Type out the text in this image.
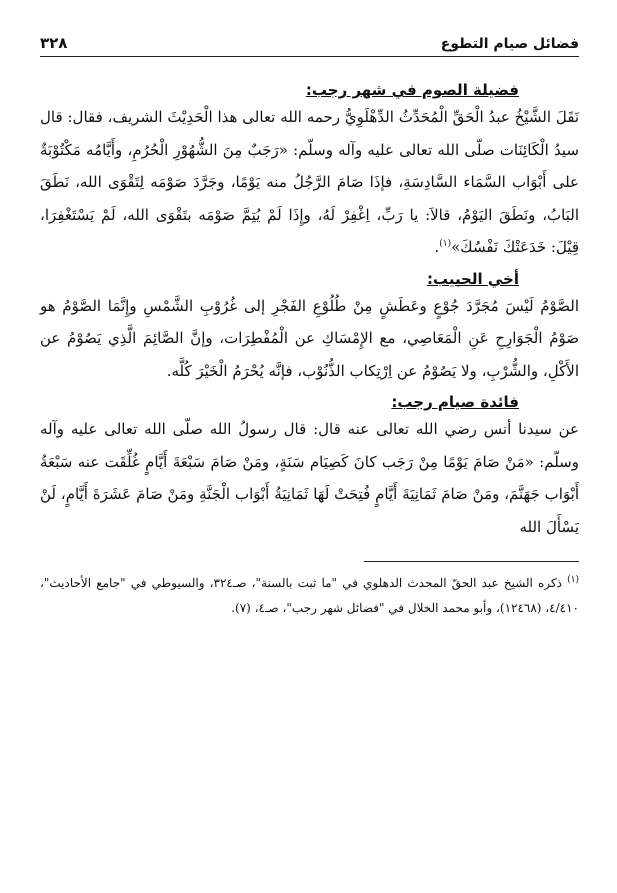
فضائل صيام التطوع
٣٢٨
فضيلة الصوم في شهر رجب:

نَقَلَ الشَّيْخُ عبدُ الْحَقِّ الْمُحَدِّثُ الدِّهْلَوِيُّ رحمه الله تعالى هذا الْحَدِيْثَ الشريف، فقال: قال سيدُ الْكَائِنَات صلّى الله تعالى عليه وآله وسلّم: «رَجَبٌ مِنَ الشُّهُوْرِ الْحُرُمِ، وأَيَّامُه مَكْتُوْبَةٌ على أَبْوَاب السَّمَاء السَّادِسَةِ، فإذَا صَامَ الرَّجُلُ منه يَوْمًا، وجَرَّدَ صَوْمَه لِتَقْوَى الله، نَطَقَ البَابُ، ونَطَقَ اليَوْمُ، قالاَ: يا رَبِّ، اِغْفِرْ لَهُ، وإِذَا لَمْ يُتِمَّ صَوْمَه بتَقْوَى الله، لَمْ يَسْتَغْفِرَا، قِيْلَ: خَدَعَتْكَ نَفْسُكَ»$^{(١)}$.

أخي الحبيب:

الصَّوْمُ لَيْسَ مُجَرَّدَ جُوْعٍ وعَطَشٍ مِنْ طُلُوْعِ الفَجْرِ إلى غُرُوْبِ الشَّمْسِ وإِنَّمَا الصَّوْمُ هو صَوْمُ الْجَوَارِحِ عَنِ الْمَعَاصِي، مع الإِمْسَاكِ عن الْمُفْطِرَات، وإنَّ الصَّائِمَ الَّذِي يَصُوْمُ عن الأَكْلِ، والشُّرْبِ، ولا يَصُوْمُ عن اِرْتِكاب الذُّنُوْب، فإنَّه يُحْرَمُ الْخَيْرَ كُلَّه.

فائدة صيام رجب:

عن سيدنا أنس رضي الله تعالى عنه قال: قال رسولُ الله صلّى الله تعالى عليه وآله وسلّم: «مَنْ صَامَ يَوْمًا مِنْ رَجَب كانَ كَصِيَام سَنَةٍ، ومَنْ صَامَ سَبْعَةَ أَيَّامٍ غُلِّقَت عنه سَبْعَةُ أَبْوَاب جَهَنَّمَ، ومَنْ صَامَ ثَمَانِيَةَ أَيَّامٍ فُتِحَتْ لَهَا ثَمَانِيَةُ أَبْوَاب الْجَنَّةِ ومَنْ صَامَ عَشَرَةَ أَيَّامٍ، لَنْ يَسْأَلَ الله

$^{(١)}$ ذكره الشيخ عبد الحقّ المحدث الدهلوي في "ما ثبت بالسنة"، صـ٣٢٤، والسيوطي في "جامع الأحاديث"، ٤/٤١٠، (١٢٤٦٨)، وأبو محمد الخلال في "فضائل شهر رجب"، صـ٤، (٧).
